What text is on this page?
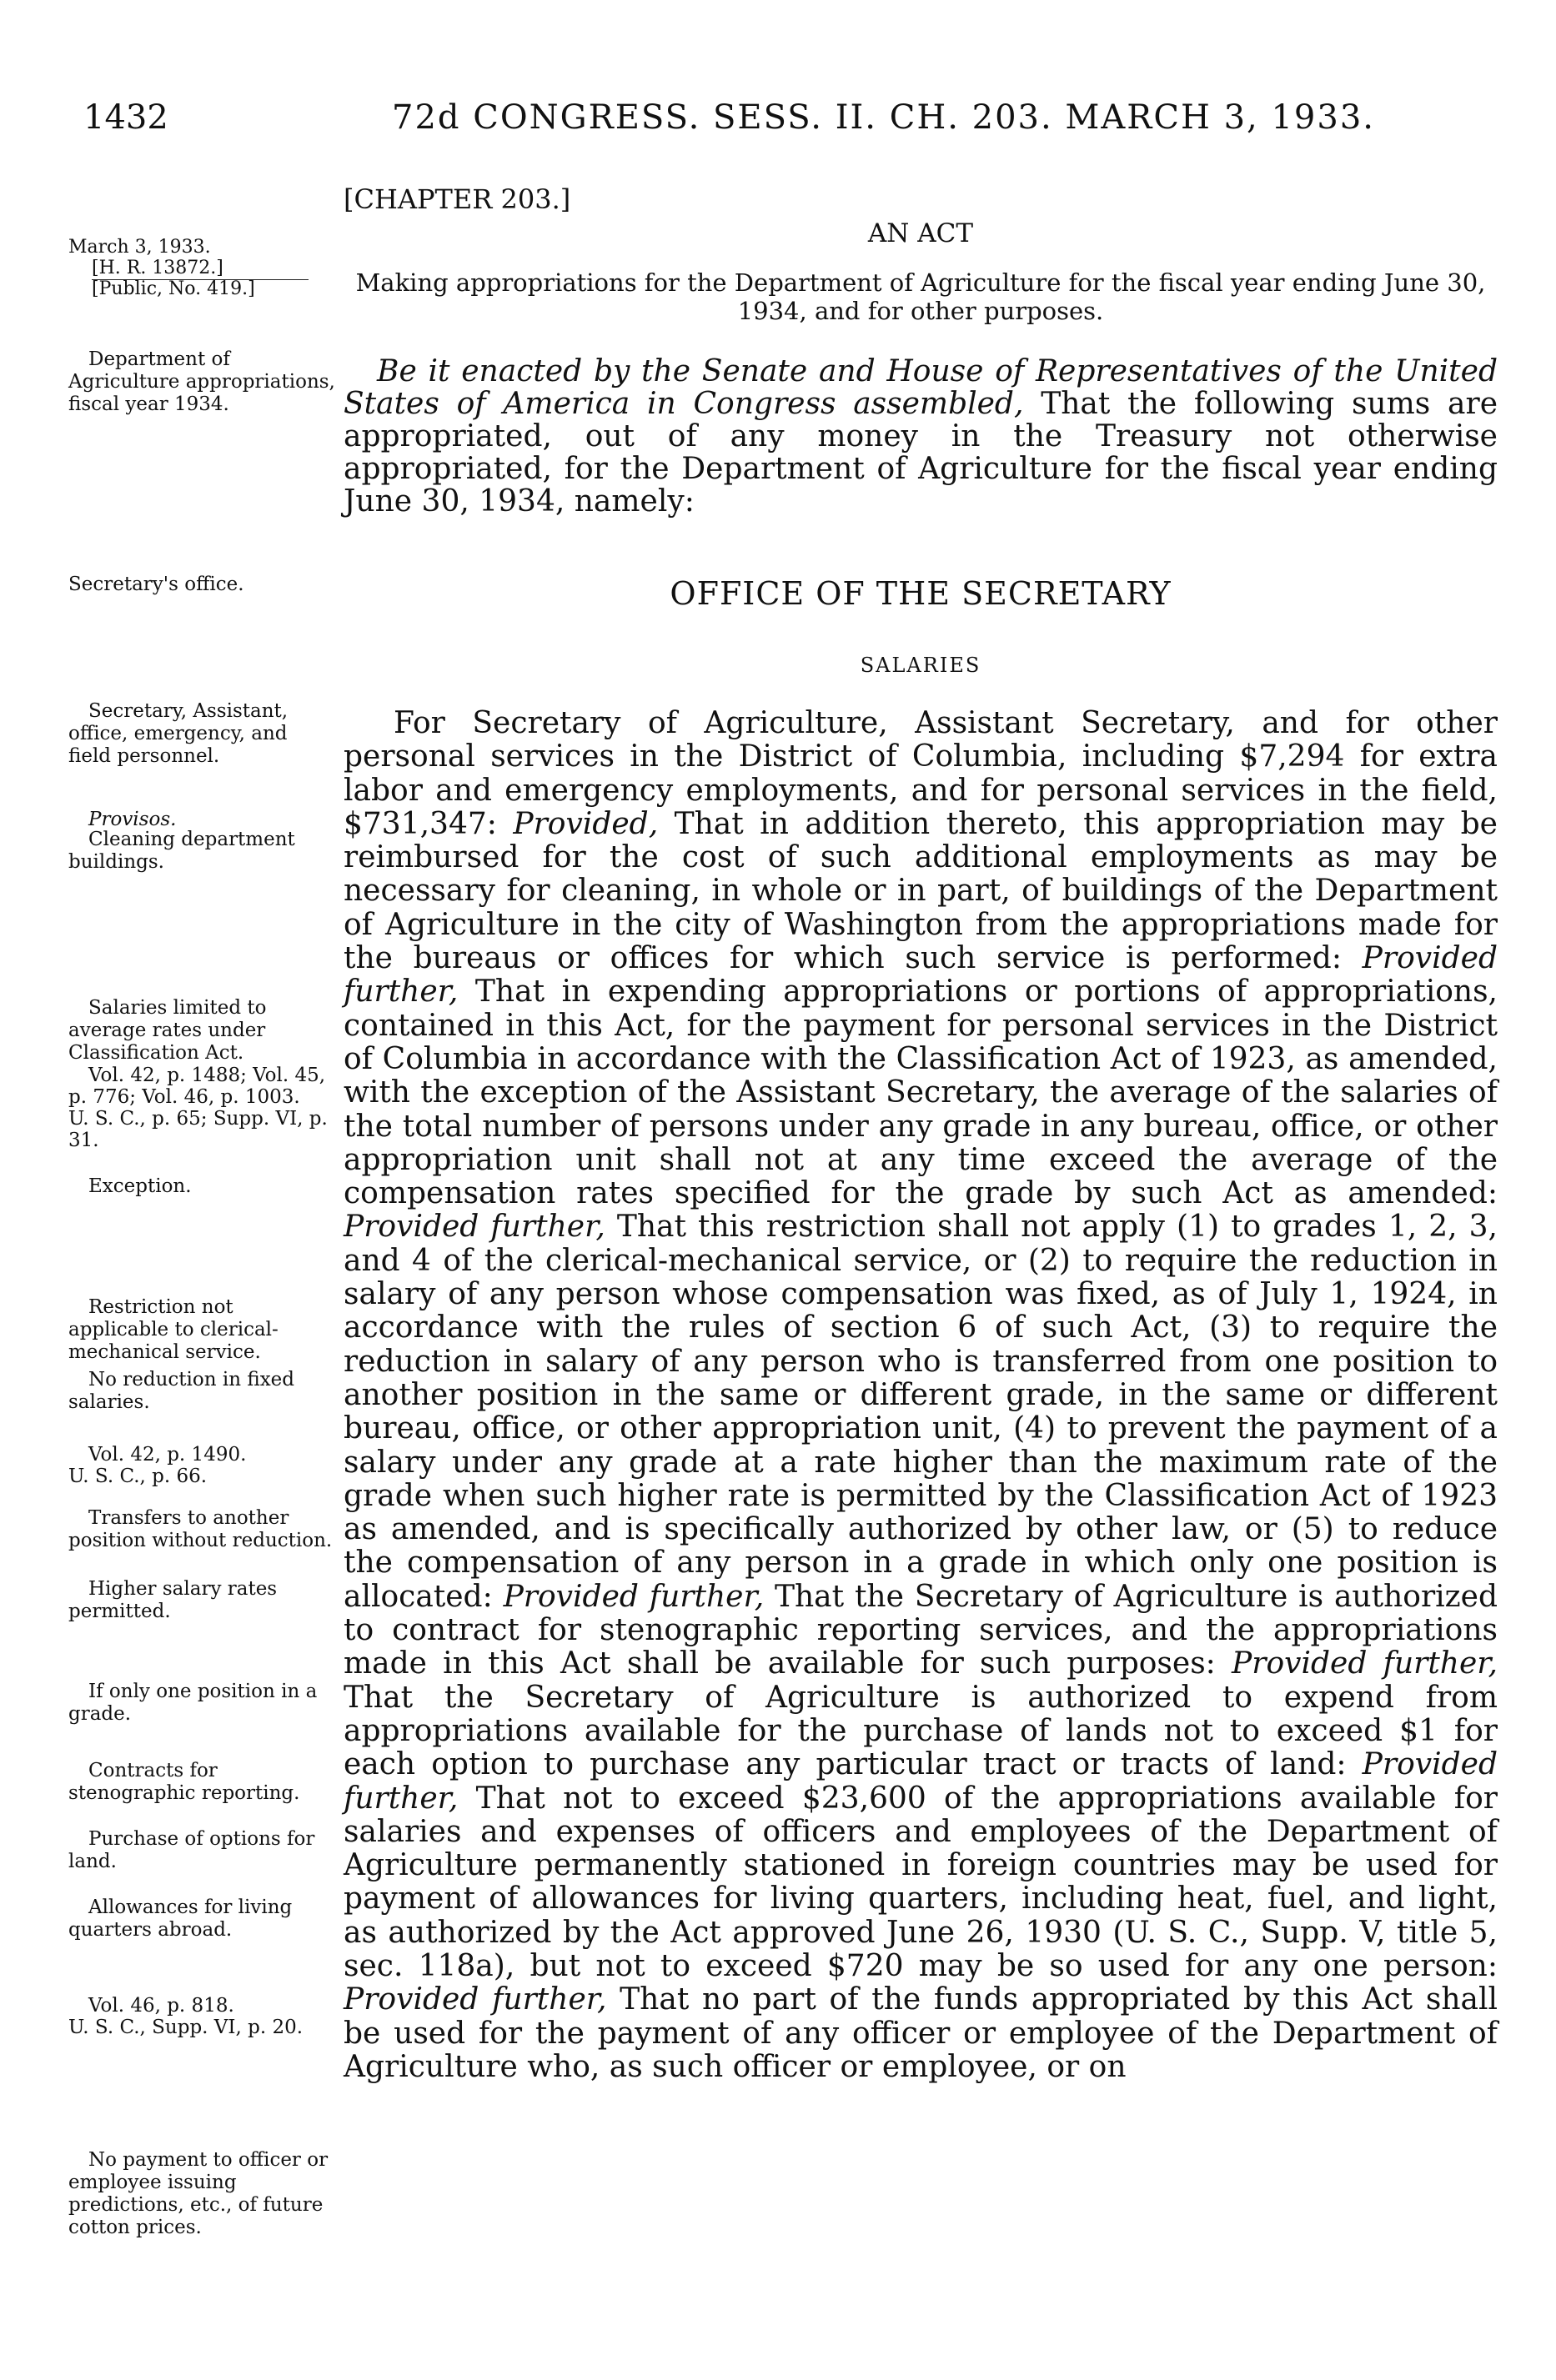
1432	72d CONGRESS. SESS. II. CH. 203. MARCH 3, 1933.
[CHAPTER 203.]
AN ACT
Making appropriations for the Department of Agriculture for the fiscal year ending June 30, 1934, and for other purposes.
March 3, 1933.
[H. R. 13872.]
[Public, No. 419.]
Department of Agriculture appropriations, fiscal year 1934.
Secretary's office.
Secretary, Assistant, office, emergency, and field personnel.
Provisos.
Cleaning department buildings.
Salaries limited to average rates under Classification Act.
Vol. 42, p. 1488; Vol. 45, p. 776; Vol. 46, p. 1003.
U. S. C., p. 65; Supp. VI, p. 31.
Exception.
Restriction not applicable to clerical-mechanical service.
No reduction in fixed salaries.
Vol. 42, p. 1490.
U. S. C., p. 66.
Transfers to another position without reduction.
Higher salary rates permitted.
If only one position in a grade.
Contracts for stenographic reporting.
Purchase of options for land.
Allowances for living quarters abroad.
Vol. 46, p. 818.
U. S. C., Supp. VI, p. 20.
No payment to officer or employee issuing predictions, etc., of future cotton prices.

Be it enacted by the Senate and House of Representatives of the United States of America in Congress assembled, That the following sums are appropriated, out of any money in the Treasury not otherwise appropriated, for the Department of Agriculture for the fiscal year ending June 30, 1934, namely:

OFFICE OF THE SECRETARY
SALARIES

For Secretary of Agriculture, Assistant Secretary, and for other personal services in the District of Columbia, including $7,294 for extra labor and emergency employments, and for personal services in the field, $731,347: Provided, That in addition thereto, this appropriation may be reimbursed for the cost of such additional employments as may be necessary for cleaning, in whole or in part, of buildings of the Department of Agriculture in the city of Washington from the appropriations made for the bureaus or offices for which such service is performed: Provided further, That in expending appropriations or portions of appropriations, contained in this Act, for the payment for personal services in the District of Columbia in accordance with the Classification Act of 1923, as amended, with the exception of the Assistant Secretary, the average of the salaries of the total number of persons under any grade in any bureau, office, or other appropriation unit shall not at any time exceed the average of the compensation rates specified for the grade by such Act as amended: Provided further, That this restriction shall not apply (1) to grades 1, 2, 3, and 4 of the clerical-mechanical service, or (2) to require the reduction in salary of any person whose compensation was fixed, as of July 1, 1924, in accordance with the rules of section 6 of such Act, (3) to require the reduction in salary of any person who is transferred from one position to another position in the same or different grade, in the same or different bureau, office, or other appropriation unit, (4) to prevent the payment of a salary under any grade at a rate higher than the maximum rate of the grade when such higher rate is permitted by the Classification Act of 1923 as amended, and is specifically authorized by other law, or (5) to reduce the compensation of any person in a grade in which only one position is allocated: Provided further, That the Secretary of Agriculture is authorized to contract for stenographic reporting services, and the appropriations made in this Act shall be available for such purposes: Provided further, That the Secretary of Agriculture is authorized to expend from appropriations available for the purchase of lands not to exceed $1 for each option to purchase any particular tract or tracts of land: Provided further, That not to exceed $23,600 of the appropriations available for salaries and expenses of officers and employees of the Department of Agriculture permanently stationed in foreign countries may be used for payment of allowances for living quarters, including heat, fuel, and light, as authorized by the Act approved June 26, 1930 (U. S. C., Supp. V, title 5, sec. 118a), but not to exceed $720 may be so used for any one person: Provided further, That no part of the funds appropriated by this Act shall be used for the payment of any officer or employee of the Department of Agriculture who, as such officer or employee, or on
